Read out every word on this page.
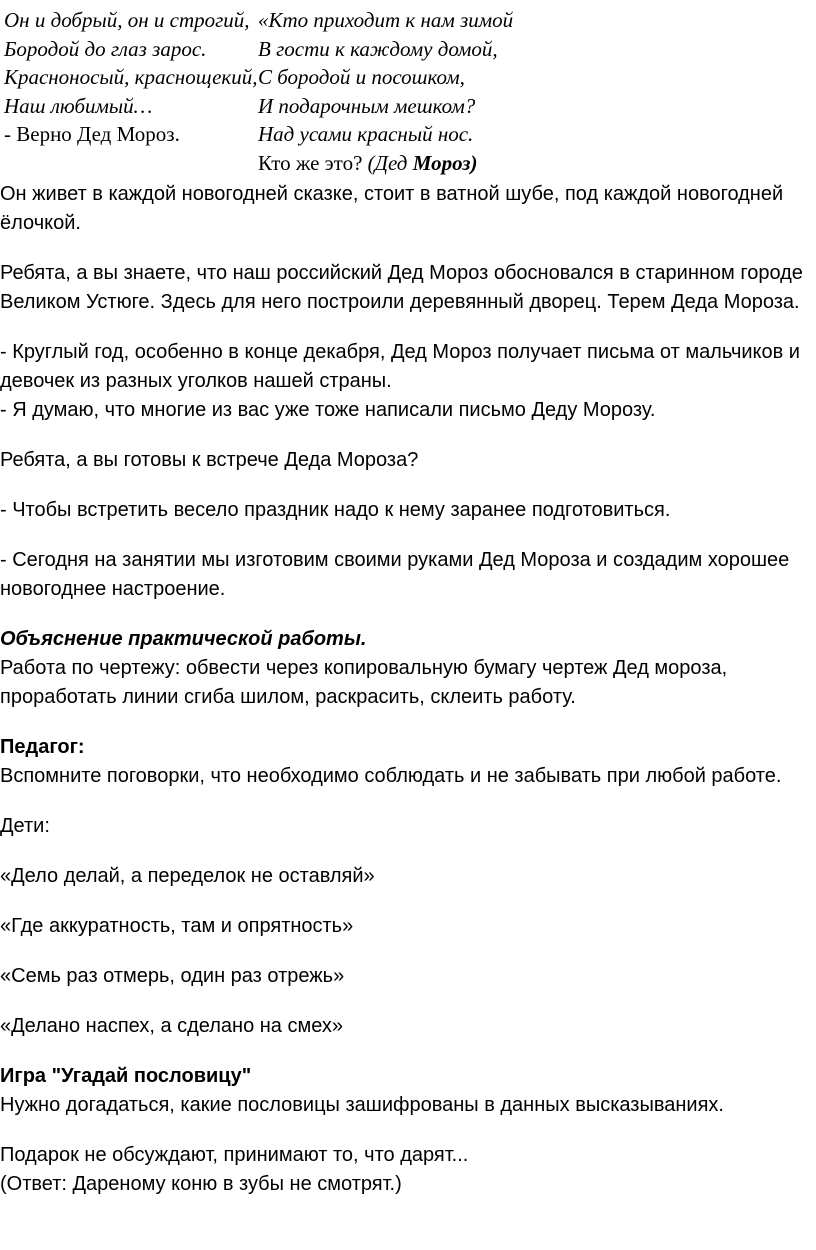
Он и добрый, он и строгий,
Бородой до глаз зарос.
Красноносый, краснощекий,
Наш любимый…
- Верно Дед Мороз.
«Кто приходит к нам зимой
В гости к каждому домой,
С бородой и посошком,
И подарочным мешком?
Над усами красный нос.
Кто же это? (Дед Мороз)

Он живет в каждой новогодней сказке, стоит в ватной шубе, под каждой новогодней ёлочкой.

Ребята, а вы знаете, что наш российский Дед Мороз обосновался в старинном городе Великом Устюге. Здесь для него построили деревянный дворец. Терем Деда Мороза.

- Круглый год, особенно в конце декабря, Дед Мороз получает письма от мальчиков и девочек из разных уголков нашей страны.
- Я думаю, что многие из вас уже тоже написали письмо Деду Морозу.

Ребята, а вы готовы к встрече Деда Мороза?

- Чтобы встретить весело праздник надо к нему заранее подготовиться.

- Сегодня на занятии мы изготовим своими руками Дед Мороза и создадим хорошее новогоднее настроение.

Объяснение практической работы.
Работа по чертежу: обвести через копировальную бумагу чертеж Дед мороза, проработать линии сгиба шилом, раскрасить, склеить работу.

Педагог:
Вспомните поговорки, что необходимо соблюдать и не забывать при любой работе.

Дети:

«Дело делай, а переделок не оставляй»

«Где аккуратность, там и опрятность»

«Семь раз отмерь, один раз отрежь»

«Делано наспех, а сделано на смех»

Игра "Угадай пословицу"
Нужно догадаться, какие пословицы зашифрованы в данных высказываниях.

Подарок не обсуждают, принимают то, что дарят...
(Ответ: Дареному коню в зубы не смотрят.)
